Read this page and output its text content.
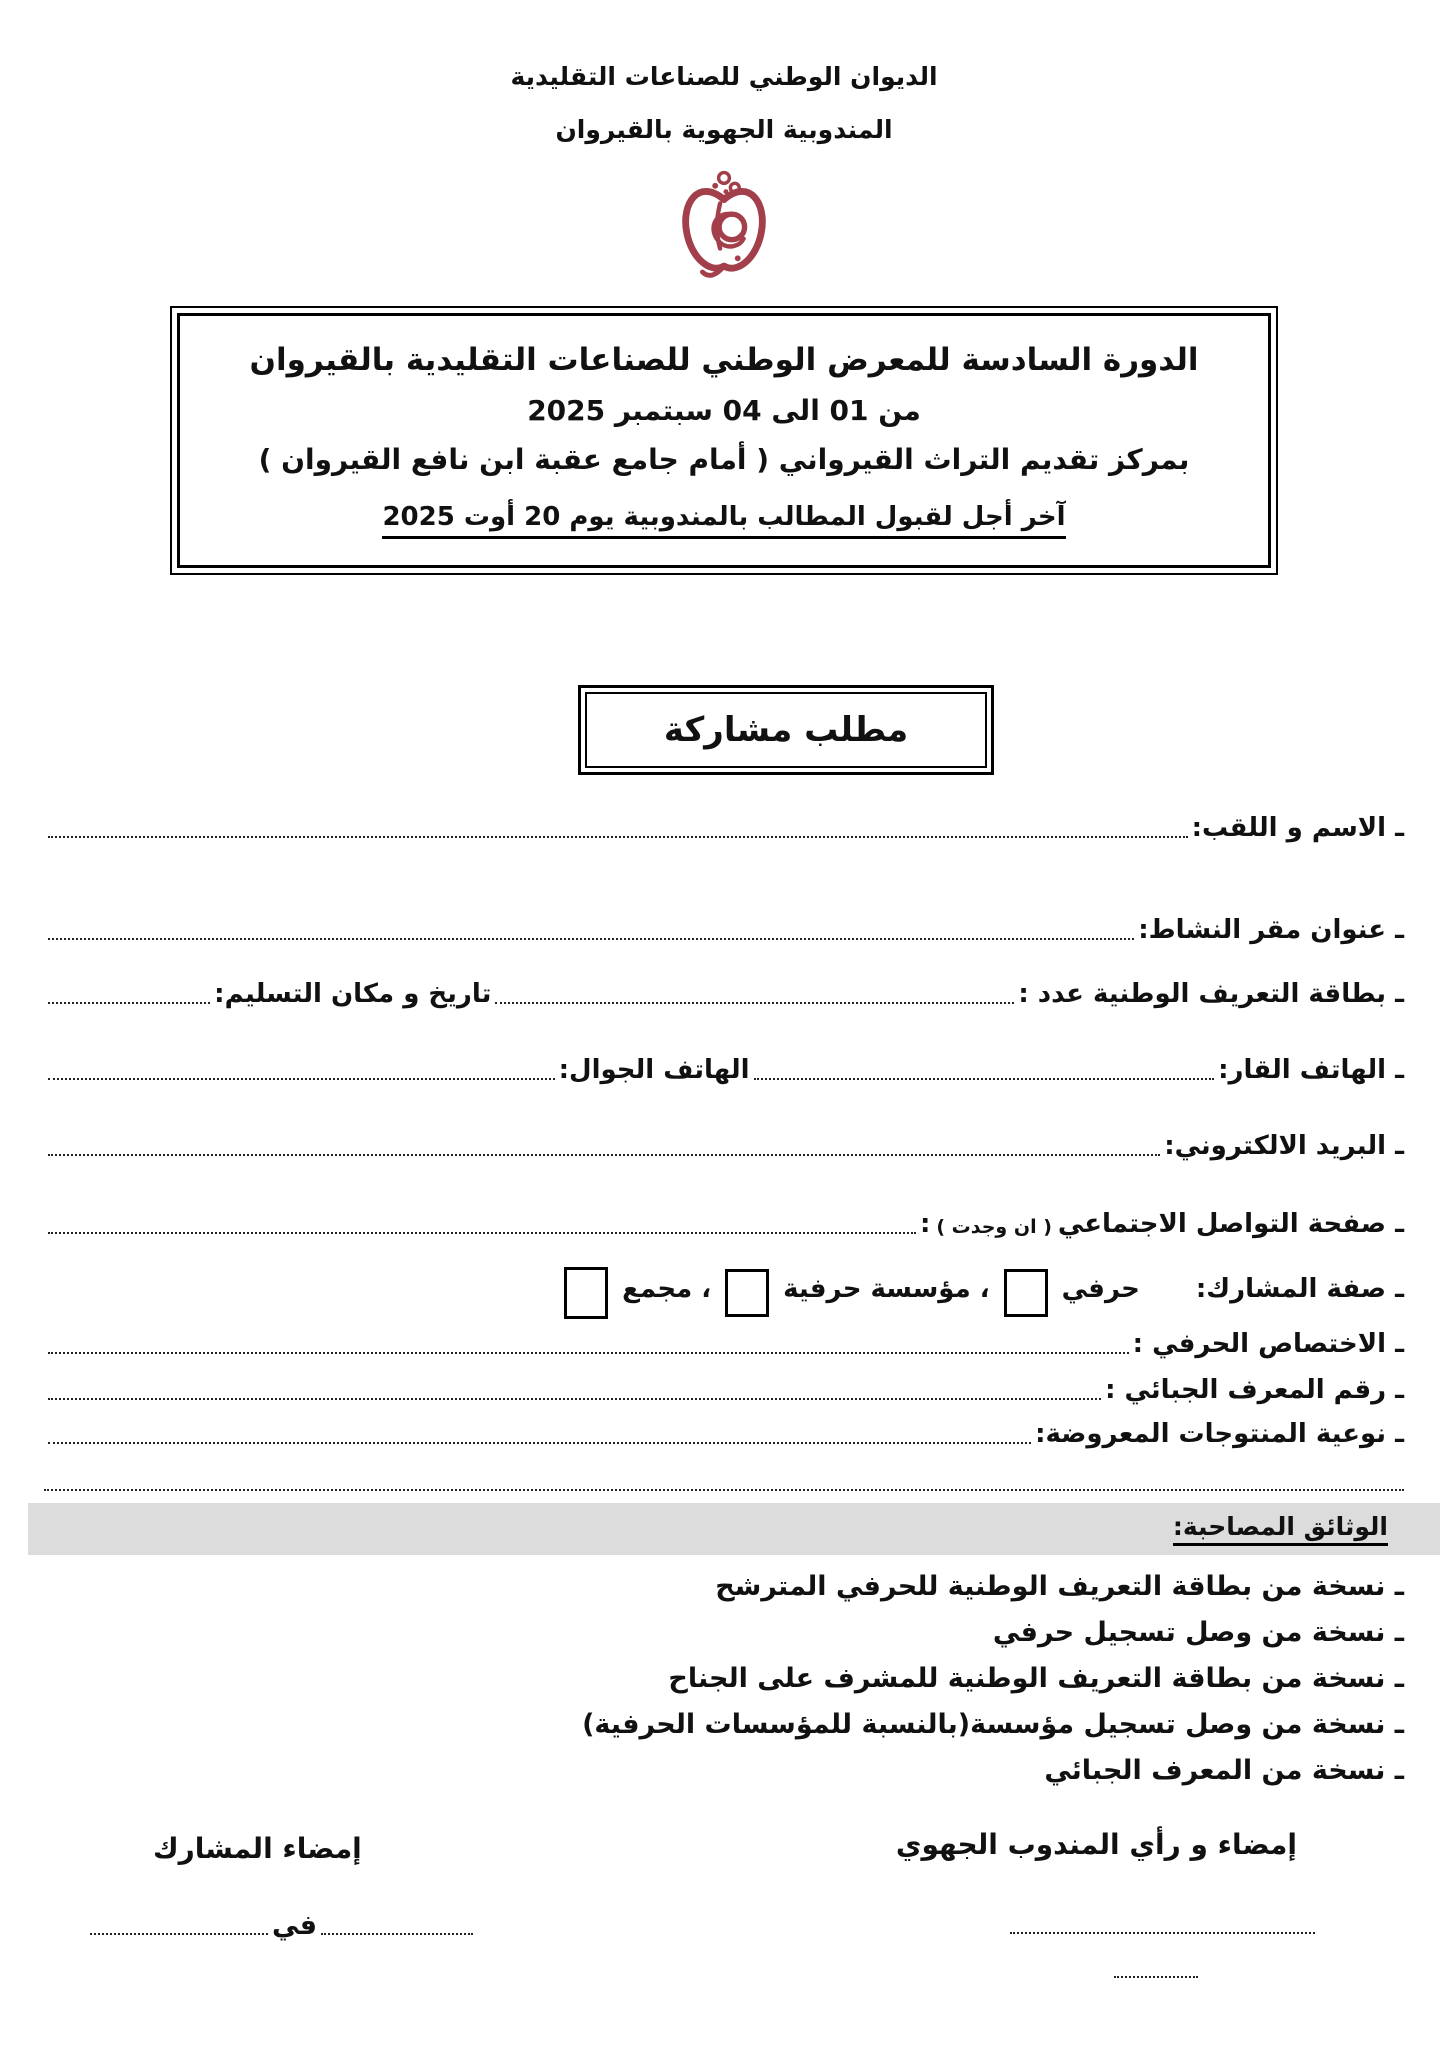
الديوان الوطني للصناعات التقليدية
المندوبية الجهوية بالقيروان
الدورة السادسة للمعرض الوطني للصناعات التقليدية بالقيروان
من 01 الى 04 سبتمبر 2025
بمركز تقديم التراث القيرواني ( أمام جامع عقبة ابن نافع القيروان )
آخر أجل لقبول المطالب بالمندوبية يوم 20 أوت 2025
مطلب مشاركة
ـ الاسم و اللقب:
ـ عنوان مقر النشاط:
ـ بطاقة التعريف الوطنية عدد :
تاريخ و مكان التسليم:
ـ الهاتف القار:
الهاتف الجوال:
ـ البريد الالكتروني:
ـ صفحة التواصل الاجتماعي
( ان وجدت )
:
ـ صفة المشارك:
حرفي
، مؤسسة حرفية
، مجمع
ـ الاختصاص الحرفي :
ـ رقم المعرف الجبائي :
ـ نوعية المنتوجات المعروضة:
الوثائق المصاحبة:
ـ نسخة من بطاقة التعريف الوطنية للحرفي المترشح
ـ نسخة من وصل تسجيل حرفي
ـ نسخة من بطاقة التعريف الوطنية للمشرف على الجناح
ـ نسخة من وصل تسجيل مؤسسة(بالنسبة للمؤسسات الحرفية)
ـ نسخة من المعرف الجبائي
إمضاء و رأي المندوب الجهوي
إمضاء المشارك
في
